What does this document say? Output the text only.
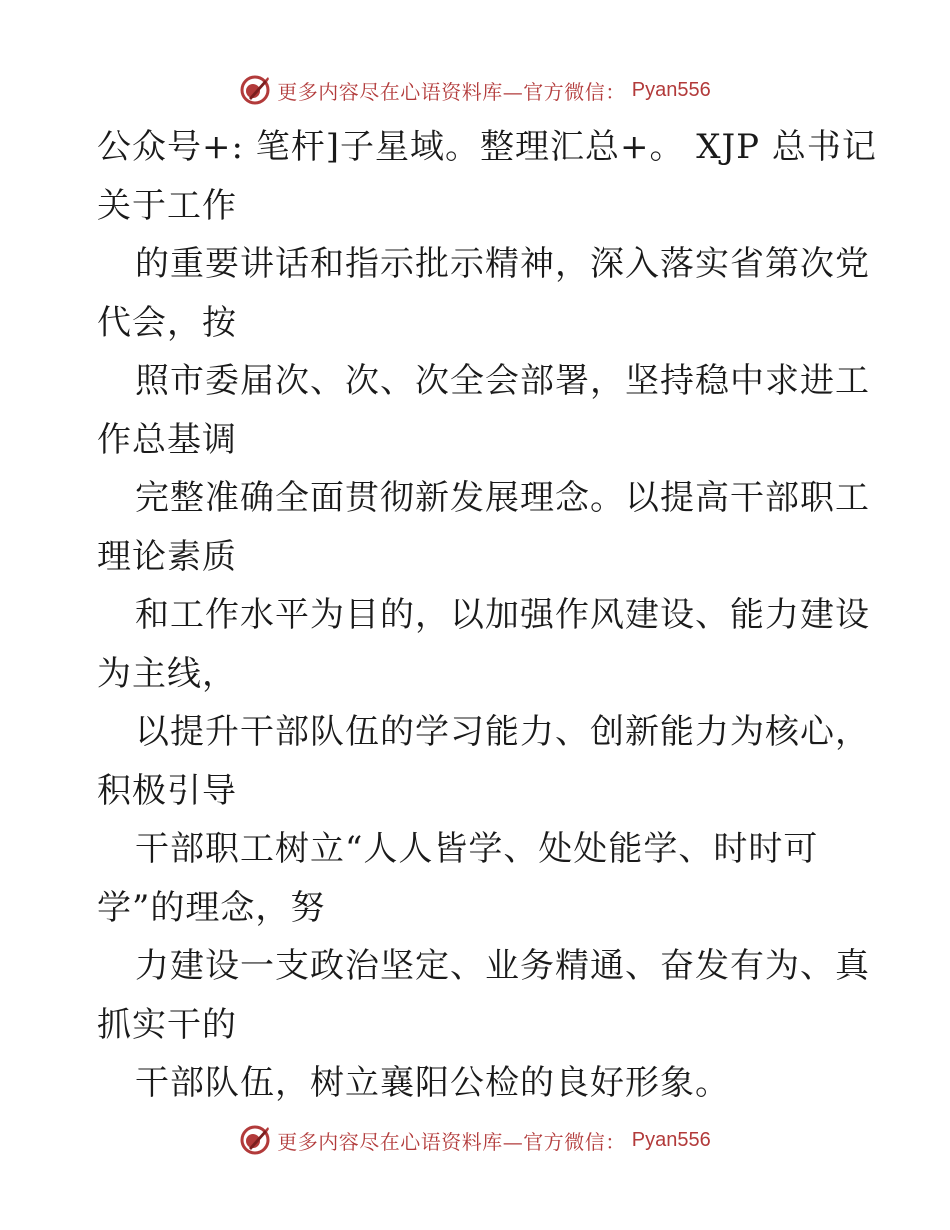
更多内容尽在心语资料库—官方微信： Pyan556
公众号+: 笔杆]子星域。整理汇总+。 XJP 总书记
关于工作
的重要讲话和指示批示精神，深入落实省第次党
代会，按
照市委届次、次、次全会部署，坚持稳中求进工
作总基调
完整准确全面贯彻新发展理念。以提高干部职工
理论素质
和工作水平为目的，以加强作风建设、能力建设
为主线，
以提升干部队伍的学习能力、创新能力为核心，
积极引导
干部职工树立“人人皆学、处处能学、时时可
学”的理念，努
力建设一支政治坚定、业务精通、奋发有为、真
抓实干的
干部队伍，树立襄阳公检的良好形象。
更多内容尽在心语资料库—官方微信： Pyan556
